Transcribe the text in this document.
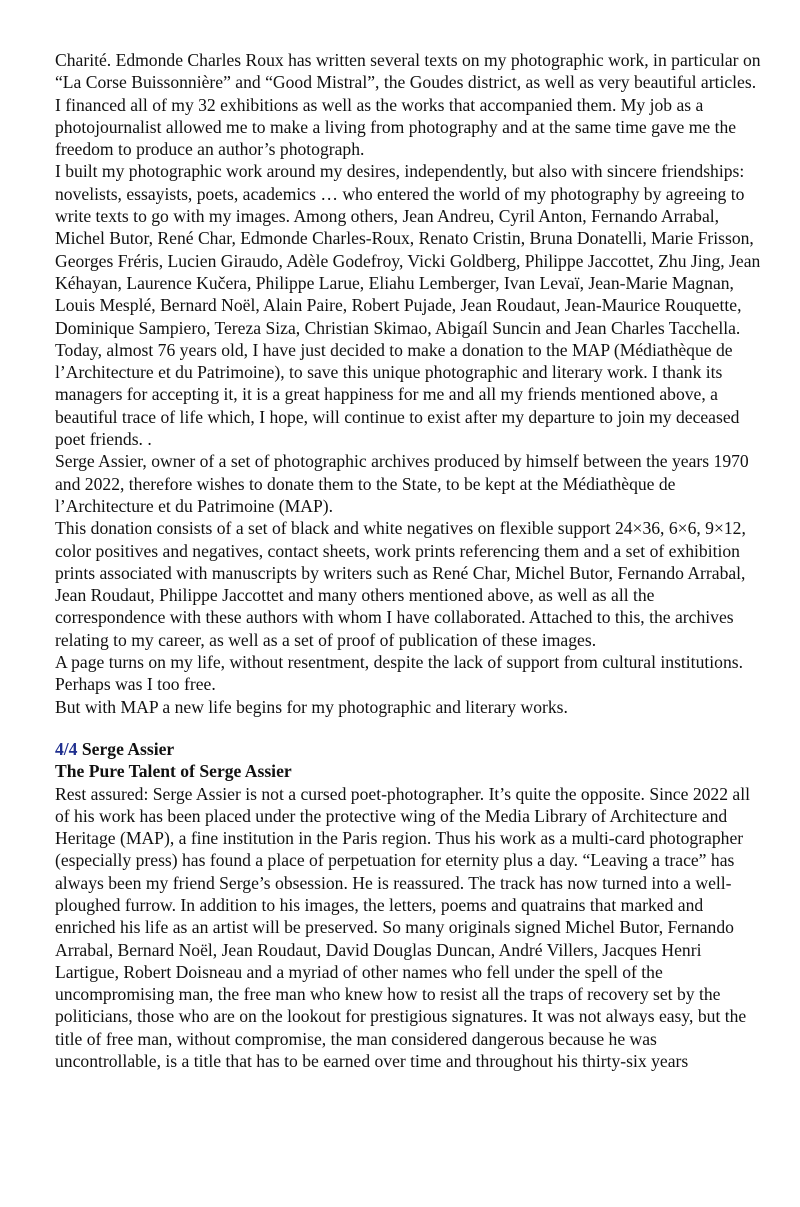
Charité. Edmonde Charles Roux has written several texts on my photographic work, in particular on “La Corse Buissonnière” and “Good Mistral”, the Goudes district, as well as very beautiful articles.

I financed all of my 32 exhibitions as well as the works that accompanied them. My job as a photojournalist allowed me to make a living from photography and at the same time gave me the freedom to produce an author’s photograph.

I built my photographic work around my desires, independently, but also with sincere friendships: novelists, essayists, poets, academics … who entered the world of my photography by agreeing to write texts to go with my images. Among others, Jean Andreu, Cyril Anton, Fernando Arrabal, Michel Butor, René Char, Edmonde Charles-Roux, Renato Cristin, Bruna Donatelli, Marie Frisson, Georges Fréris, Lucien Giraudo, Adèle Godefroy, Vicki Goldberg, Philippe Jaccottet, Zhu Jing, Jean Kéhayan, Laurence Kučera, Philippe Larue, Eliahu Lemberger, Ivan Levaï, Jean-Marie Magnan, Louis Mesplé, Bernard Noël, Alain Paire, Robert Pujade, Jean Roudaut, Jean-Maurice Rouquette, Dominique Sampiero, Tereza Siza, Christian Skimao, Abigaíl Suncin and Jean Charles Tacchella.

Today, almost 76 years old, I have just decided to make a donation to the MAP (Médiathèque de l’Architecture et du Patrimoine), to save this unique photographic and literary work. I thank its managers for accepting it, it is a great happiness for me and all my friends mentioned above, a beautiful trace of life which, I hope, will continue to exist after my departure to join my deceased poet friends. .

Serge Assier, owner of a set of photographic archives produced by himself between the years 1970 and 2022, therefore wishes to donate them to the State, to be kept at the Médiathèque de l’Architecture et du Patrimoine (MAP).

This donation consists of a set of black and white negatives on flexible support 24×36, 6×6, 9×12, color positives and negatives, contact sheets, work prints referencing them and a set of exhibition prints associated with manuscripts by writers such as René Char, Michel Butor, Fernando Arrabal, Jean Roudaut, Philippe Jaccottet and many others mentioned above, as well as all the correspondence with these authors with whom I have collaborated. Attached to this, the archives relating to my career, as well as a set of proof of publication of these images.

A page turns on my life, without resentment, despite the lack of support from cultural institutions. Perhaps was I too free.

But with MAP a new life begins for my photographic and literary works.

4/4 Serge Assier

The Pure Talent of Serge Assier

Rest assured: Serge Assier is not a cursed poet-photographer. It’s quite the opposite. Since 2022 all of his work has been placed under the protective wing of the Media Library of Architecture and Heritage (MAP), a fine institution in the Paris region. Thus his work as a multi-card photographer (especially press) has found a place of perpetuation for eternity plus a day. “Leaving a trace” has always been my friend Serge’s obsession. He is reassured. The track has now turned into a well-ploughed furrow. In addition to his images, the letters, poems and quatrains that marked and enriched his life as an artist will be preserved. So many originals signed Michel Butor, Fernando Arrabal, Bernard Noël, Jean Roudaut, David Douglas Duncan, André Villers, Jacques Henri Lartigue, Robert Doisneau and a myriad of other names who fell under the spell of the uncompromising man, the free man who knew how to resist all the traps of recovery set by the politicians, those who are on the lookout for prestigious signatures. It was not always easy, but the title of free man, without compromise, the man considered dangerous because he was uncontrollable, is a title that has to be earned over time and throughout his thirty-six years
